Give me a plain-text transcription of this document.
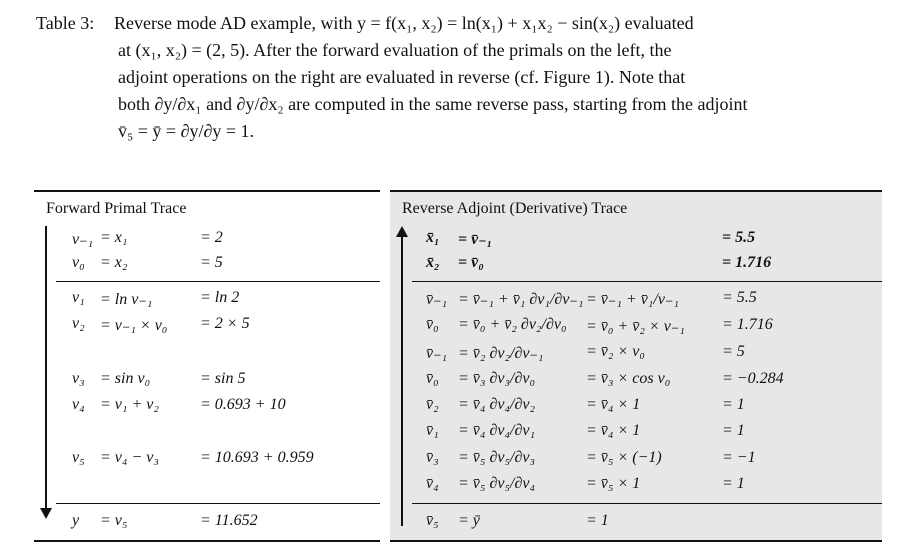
Table 3: Reverse mode AD example, with y = f(x₁, x₂) = ln(x₁) + x₁x₂ − sin(x₂) evaluated

at (x₁, x₂) = (2, 5). After the forward evaluation of the primals on the left, the

adjoint operations on the right are evaluated in reverse (cf. Figure 1). Note that

both ∂y/∂x₁ and ∂y/∂x₂ are computed in the same reverse pass, starting from the adjoint

v̄₅ = ȳ = ∂y/∂y = 1.

Forward Primal Trace
v₋₁ = x₁	= 2
v₀ = x₂	= 5
v₁ = ln v₋₁	= ln 2
v₂ = v₋₁ × v₀ = 2 × 5
v₃ = sin v₀	= sin 5
v₄ = v₁ + v₂	= 0.693 + 10
v₅ = v₄ − v₃	= 10.693 + 0.959
y = v₅	= 11.652
Reverse Adjoint (Derivative) Trace
x̄₁ = v̄₋₁	= 5.5
x̄₂ = v̄₀	= 1.716
v̄₋₁ = v̄₋₁ + v̄₁ ∂v₁/∂v₋₁ = v̄₋₁ + v̄₁/v₋₁	= 5.5
v̄₀ = v̄₀ + v̄₂ ∂v₂/∂v₀ = v̄₀ + v̄₂ × v₋₁ = 1.716
v̄₋₁ = v̄₂ ∂v₂/∂v₋₁	= v̄₂ × v₀	= 5
v̄₀ = v̄₃ ∂v₃/∂v₀	= v̄₃ × cos v₀	= −0.284
v̄₂ = v̄₄ ∂v₄/∂v₂	= v̄₄ × 1	= 1
v̄₁ = v̄₄ ∂v₄/∂v₁	= v̄₄ × 1	= 1
v̄₃ = v̄₅ ∂v₅/∂v₃	= v̄₅ × (−1)	= −1
v̄₄ = v̄₅ ∂v₅/∂v₄	= v̄₅ × 1	= 1
v̄₅ = ȳ	= 1
